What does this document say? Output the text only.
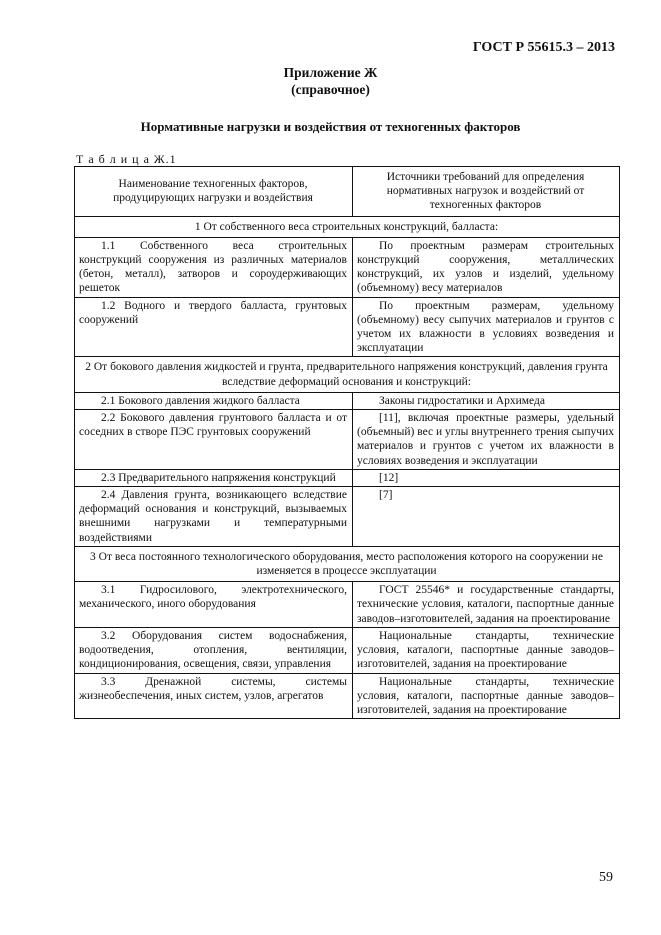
ГОСТ Р 55615.3 – 2013
Приложение Ж
(справочное)
Нормативные нагрузки и воздействия от техногенных факторов
Т а б л и ц а Ж.1
Наименование техногенных факторов, продуцирующих нагрузки и воздействия	Источники требований для определения нормативных нагрузок и воздействий от техногенных факторов
1 От собственного веса строительных конструкций, балласта:	
1.1 Собственного веса строительных конструкций сооружения из различных материалов (бетон, металл), затворов и сороудерживающих решеток	По проектным размерам строительных конструкций сооружения, металлических конструкций, их узлов и изделий, удельному (объемному) весу материалов
1.2 Водного и твердого балласта, грунтовых сооружений	По проектным размерам, удельному (объемному) весу сыпучих материалов и грунтов с учетом их влажности в условиях возведения и эксплуатации
2 От бокового давления жидкостей и грунта, предварительного напряжения конструкций, давления грунта вследствие деформаций основания и конструкций:	
2.1 Бокового давления жидкого балласта	Законы гидростатики и Архимеда
2.2 Бокового давления грунтового балласта и от соседних в створе ПЭС грунтовых сооружений	[11], включая проектные размеры, удельный (объемный) вес и углы внутреннего трения сыпучих материалов и грунтов с учетом их влажности в условиях возведения и эксплуатации
2.3 Предварительного напряжения конструкций	[12]
2.4 Давления грунта, возникающего вследствие деформаций основания и конструкций, вызываемых внешними нагрузками и температурными воздействиями	[7]
3 От веса постоянного технологического оборудования, место расположения которого на сооружении не изменяется в процессе эксплуатации	
3.1 Гидросилового, электротехнического, механического, иного оборудования	ГОСТ 25546* и государственные стандарты, технические условия, каталоги, паспортные данные заводов–изготовителей, задания на проектирование
3.2 Оборудования систем водоснабжения, водоотведения, отопления, вентиляции, кондиционирования, освещения, связи, управления	Национальные стандарты, технические условия, каталоги, паспортные данные заводов–изготовителей, задания на проектирование
3.3 Дренажной системы, системы жизнеобеспечения, иных систем, узлов, агрегатов	Национальные стандарты, технические условия, каталоги, паспортные данные заводов–изготовителей, задания на проектирование
59
